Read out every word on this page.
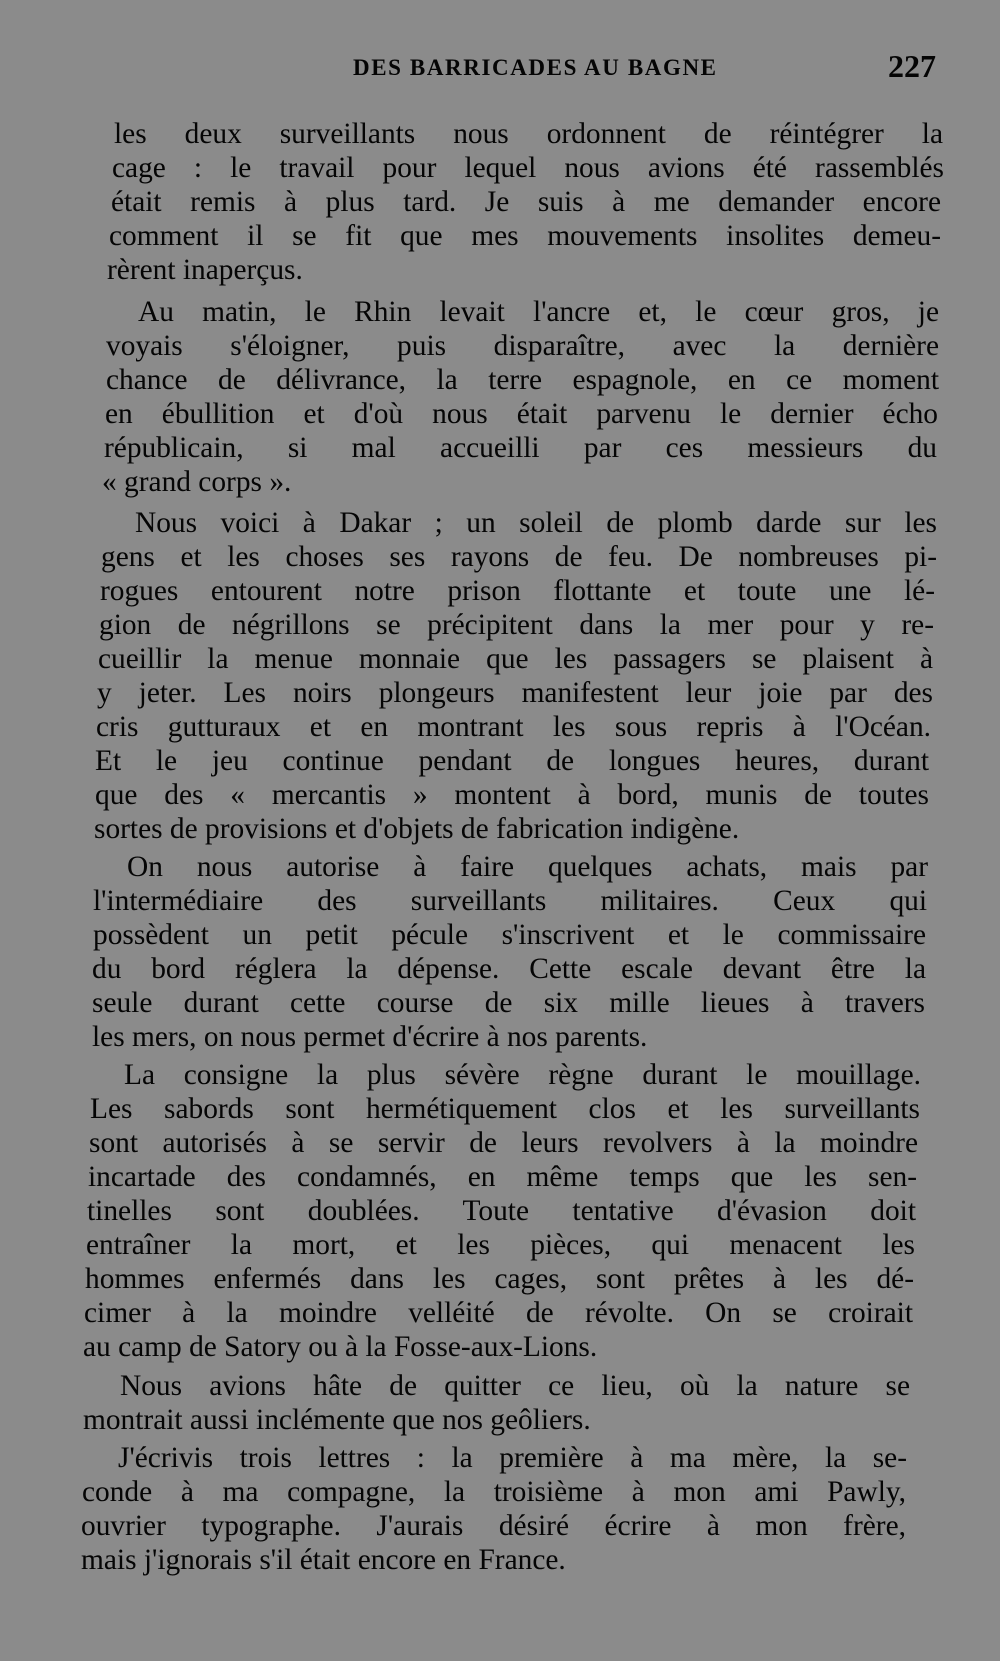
DES BARRICADES AU BAGNE	227
les deux surveillants nous ordonnent de réintégrer la
cage : le travail pour lequel nous avions été rassemblés
était remis à plus tard. Je suis à me demander encore
comment il se fit que mes mouvements insolites demeu-
rèrent inaperçus.
Au matin, le Rhin levait l'ancre et, le cœur gros, je
voyais s'éloigner, puis disparaître, avec la dernière
chance de délivrance, la terre espagnole, en ce moment
en ébullition et d'où nous était parvenu le dernier écho
républicain, si mal accueilli par ces messieurs du
« grand corps ».
Nous voici à Dakar ; un soleil de plomb darde sur les
gens et les choses ses rayons de feu. De nombreuses pi-
rogues entourent notre prison flottante et toute une lé-
gion de négrillons se précipitent dans la mer pour y re-
cueillir la menue monnaie que les passagers se plaisent à
y jeter. Les noirs plongeurs manifestent leur joie par des
cris gutturaux et en montrant les sous repris à l'Océan.
Et le jeu continue pendant de longues heures, durant
que des « mercantis » montent à bord, munis de toutes
sortes de provisions et d'objets de fabrication indigène.
On nous autorise à faire quelques achats, mais par
l'intermédiaire des surveillants militaires. Ceux qui
possèdent un petit pécule s'inscrivent et le commissaire
du bord réglera la dépense. Cette escale devant être la
seule durant cette course de six mille lieues à travers
les mers, on nous permet d'écrire à nos parents.
La consigne la plus sévère règne durant le mouillage.
Les sabords sont hermétiquement clos et les surveillants
sont autorisés à se servir de leurs revolvers à la moindre
incartade des condamnés, en même temps que les sen-
tinelles sont doublées. Toute tentative d'évasion doit
entraîner la mort, et les pièces, qui menacent les
hommes enfermés dans les cages, sont prêtes à les dé-
cimer à la moindre velléité de révolte. On se croirait
au camp de Satory ou à la Fosse-aux-Lions.
Nous avions hâte de quitter ce lieu, où la nature se
montrait aussi inclémente que nos geôliers.
J'écrivis trois lettres : la première à ma mère, la se-
conde à ma compagne, la troisième à mon ami Pawly,
ouvrier typographe. J'aurais désiré écrire à mon frère,
mais j'ignorais s'il était encore en France.
